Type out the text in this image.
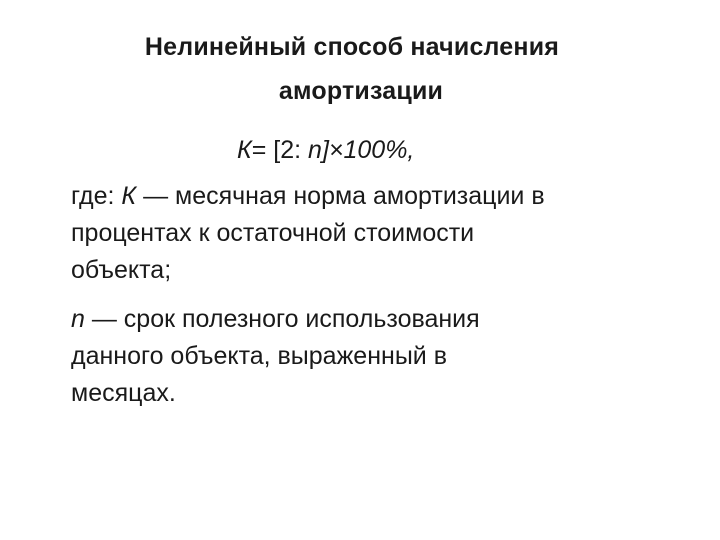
Нелинейный способ начисления
амортизации
К= [2: n]×100%,
где: К — месячная норма амортизации в
процентах к остаточной стоимости
объекта;
n — срок полезного использования
данного объекта, выраженный в
месяцах.
